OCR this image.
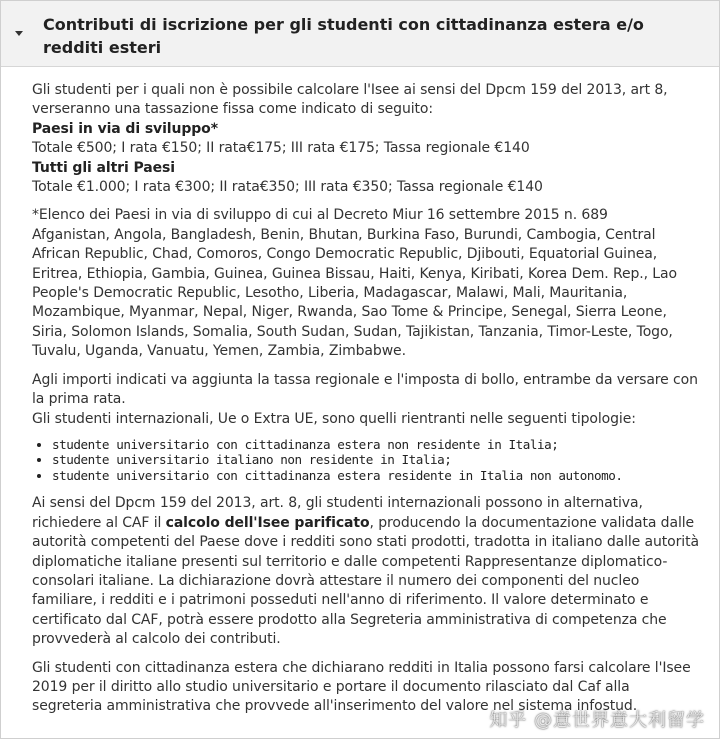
Contributi di iscrizione per gli studenti con cittadinanza estera e/o redditi esteri

Gli studenti per i quali non è possibile calcolare l'Isee ai sensi del Dpcm 159 del 2013, art 8, verseranno una tassazione fissa come indicato di seguito:
Paesi in via di sviluppo*
Totale €500; I rata €150; II rata€175; III rata €175; Tassa regionale €140
Tutti gli altri Paesi
Totale €1.000; I rata €300; II rata€350; III rata €350; Tassa regionale €140

*Elenco dei Paesi in via di sviluppo di cui al Decreto Miur 16 settembre 2015 n. 689
Afganistan, Angola, Bangladesh, Benin, Bhutan, Burkina Faso, Burundi, Cambogia, Central African Republic, Chad, Comoros, Congo Democratic Republic, Djibouti, Equatorial Guinea, Eritrea, Ethiopia, Gambia, Guinea, Guinea Bissau, Haiti, Kenya, Kiribati, Korea Dem. Rep., Lao People's Democratic Republic, Lesotho, Liberia, Madagascar, Malawi, Mali, Mauritania, Mozambique, Myanmar, Nepal, Niger, Rwanda, Sao Tome & Principe, Senegal, Sierra Leone, Siria, Solomon Islands, Somalia, South Sudan, Sudan, Tajikistan, Tanzania, Timor-Leste, Togo, Tuvalu, Uganda, Vanuatu, Yemen, Zambia, Zimbabwe.

Agli importi indicati va aggiunta la tassa regionale e l'imposta di bollo, entrambe da versare con la prima rata.
Gli studenti internazionali, Ue o Extra UE, sono quelli rientranti nelle seguenti tipologie:

• studente universitario con cittadinanza estera non residente in Italia;
• studente universitario italiano non residente in Italia;
• studente universitario con cittadinanza estera residente in Italia non autonomo.

Ai sensi del Dpcm 159 del 2013, art. 8, gli studenti internazionali possono in alternativa, richiedere al CAF il calcolo dell'Isee parificato, producendo la documentazione validata dalle autorità competenti del Paese dove i redditi sono stati prodotti, tradotta in italiano dalle autorità diplomatiche italiane presenti sul territorio e dalle competenti Rappresentanze diplomatico-consolari italiane. La dichiarazione dovrà attestare il numero dei componenti del nucleo familiare, i redditi e i patrimoni posseduti nell'anno di riferimento. Il valore determinato e certificato dal CAF, potrà essere prodotto alla Segreteria amministrativa di competenza che provvederà al calcolo dei contributi.

Gli studenti con cittadinanza estera che dichiarano redditi in Italia possono farsi calcolare l'Isee 2019 per il diritto allo studio universitario e portare il documento rilasciato dal Caf alla segreteria amministrativa che provvede all'inserimento del valore nel sistema infostud.

知乎 @意世界意大利留学
